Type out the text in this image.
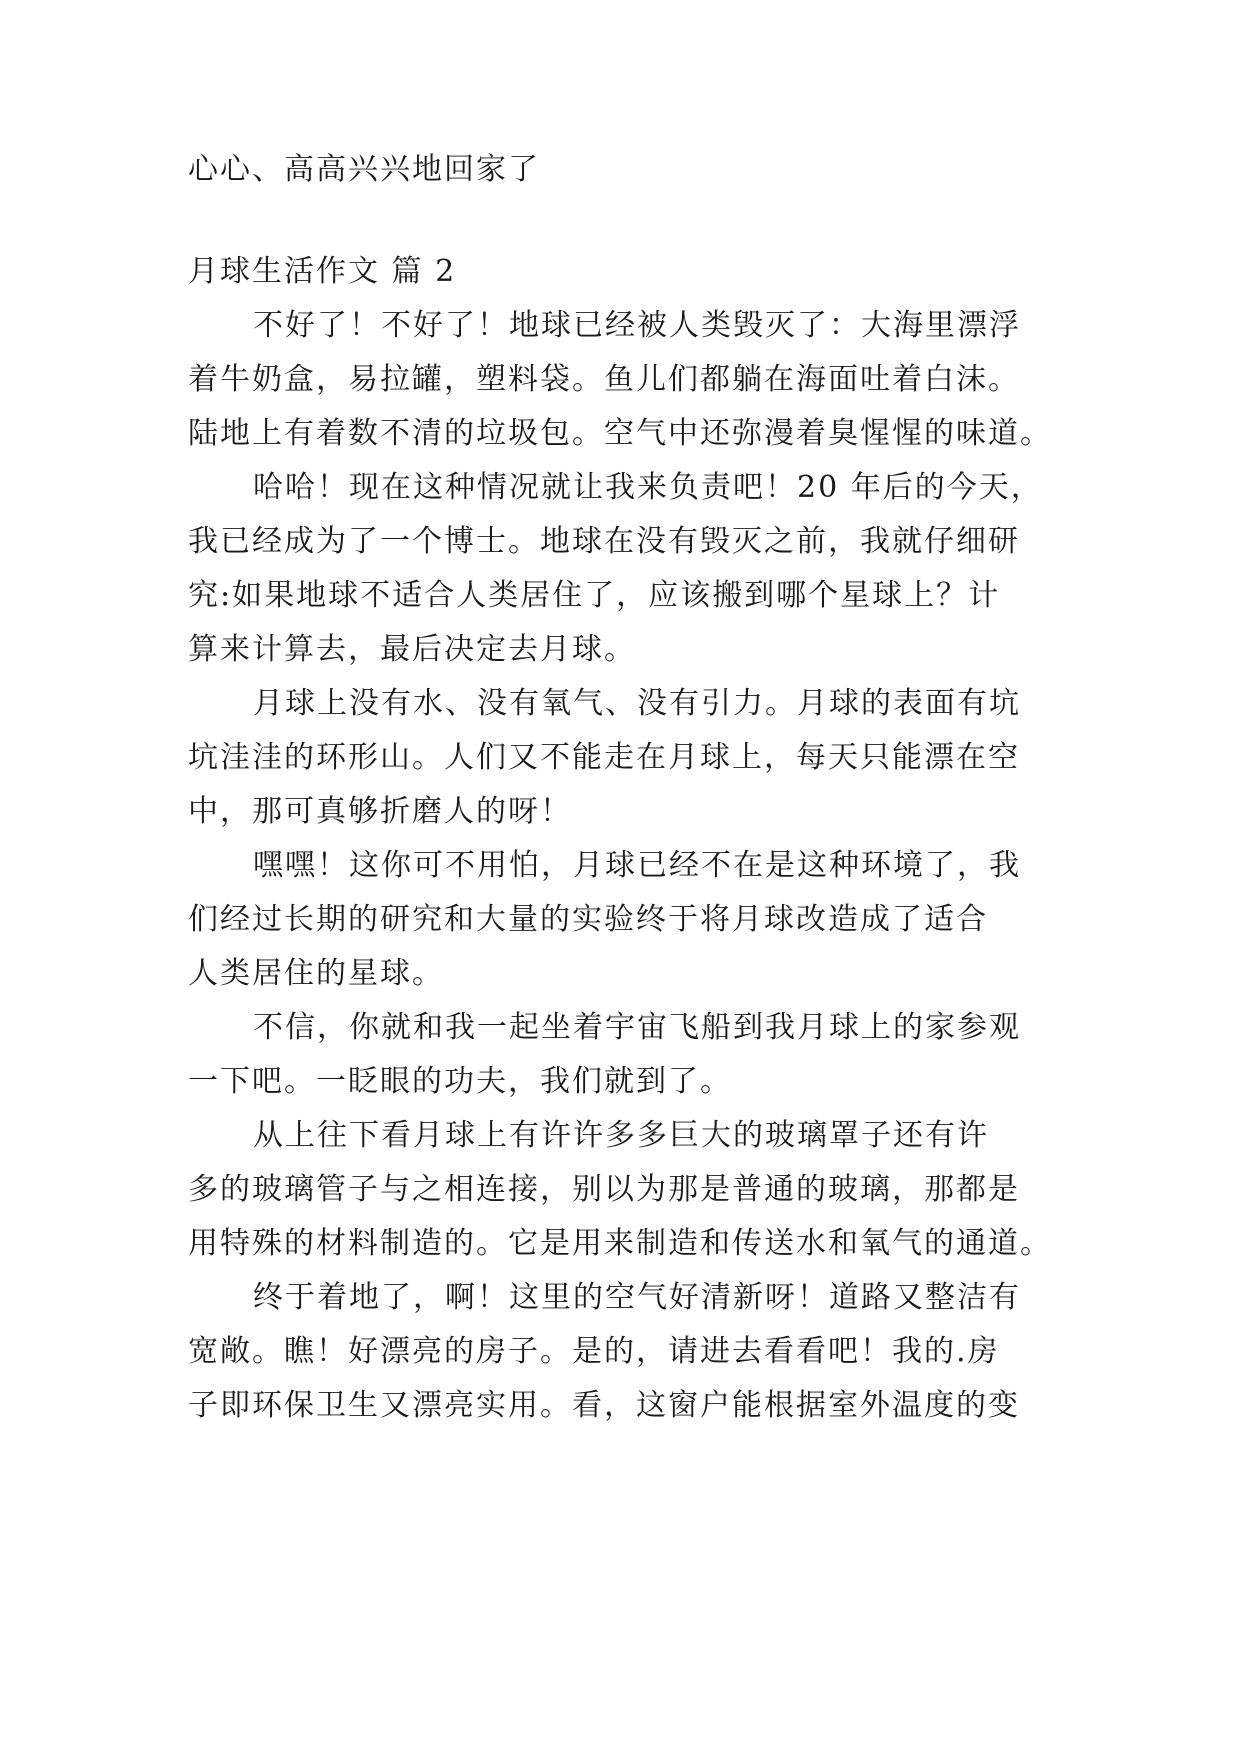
心心、高高兴兴地回家了
月球生活作文 篇 2
不好了！不好了！地球已经被人类毁灭了：大海里漂浮
着牛奶盒，易拉罐，塑料袋。鱼儿们都躺在海面吐着白沫。
陆地上有着数不清的垃圾包。空气中还弥漫着臭惺惺的味道。
哈哈！现在这种情况就让我来负责吧！20 年后的今天，
我已经成为了一个博士。地球在没有毁灭之前，我就仔细研
究:如果地球不适合人类居住了，应该搬到哪个星球上？计
算来计算去，最后决定去月球。
月球上没有水、没有氧气、没有引力。月球的表面有坑
坑洼洼的环形山。人们又不能走在月球上，每天只能漂在空
中，那可真够折磨人的呀！
嘿嘿！这你可不用怕，月球已经不在是这种环境了，我
们经过长期的研究和大量的实验终于将月球改造成了适合
人类居住的星球。
不信，你就和我一起坐着宇宙飞船到我月球上的家参观
一下吧。一眨眼的功夫，我们就到了。
从上往下看月球上有许许多多巨大的玻璃罩子还有许
多的玻璃管子与之相连接，别以为那是普通的玻璃，那都是
用特殊的材料制造的。它是用来制造和传送水和氧气的通道。
终于着地了，啊！这里的空气好清新呀！道路又整洁有
宽敞。瞧！好漂亮的房子。是的，请进去看看吧！我的.房
子即环保卫生又漂亮实用。看，这窗户能根据室外温度的变
